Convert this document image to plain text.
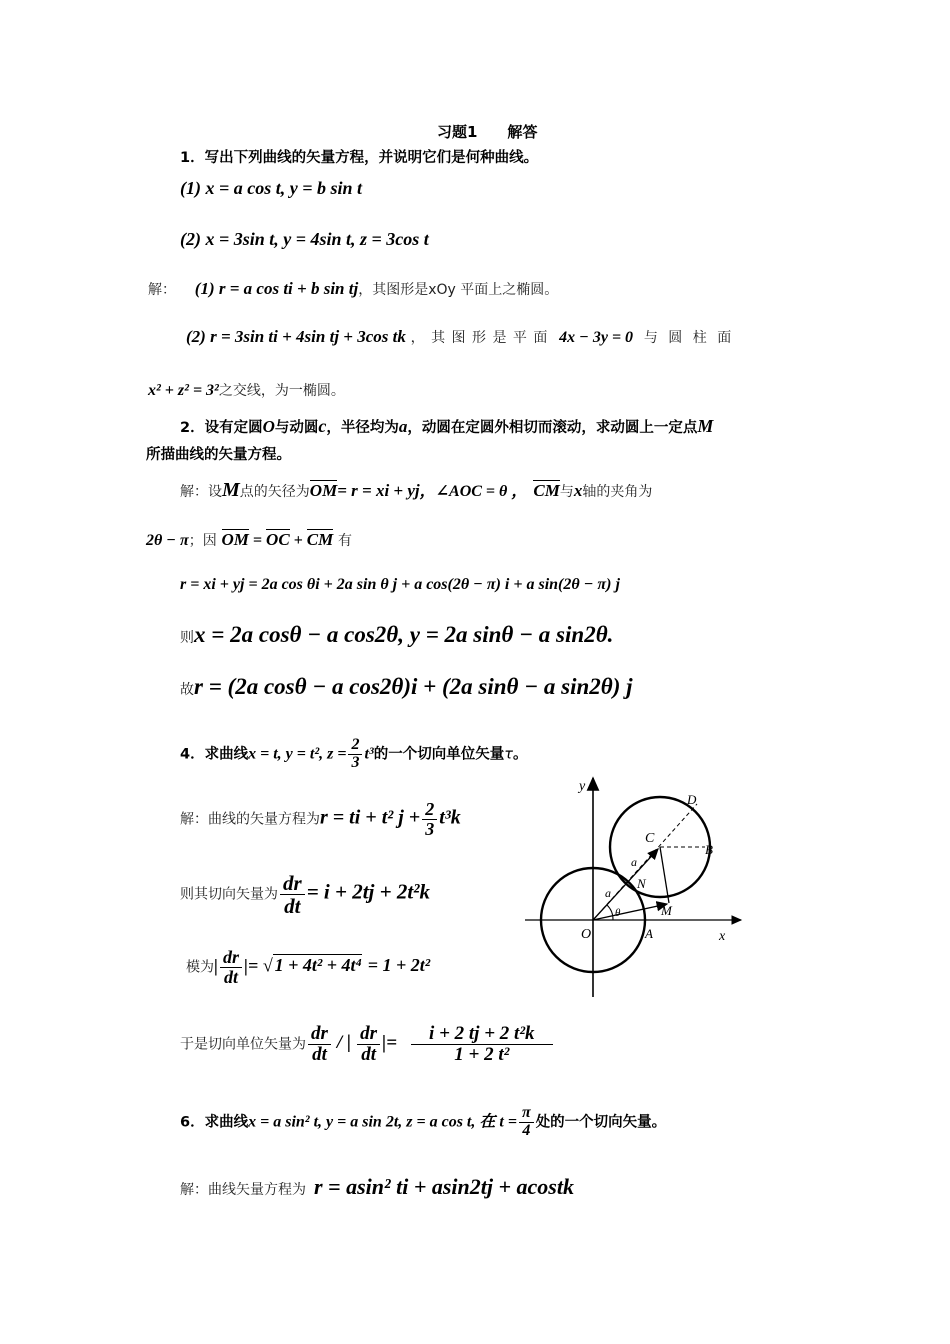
习题1　　解答
1．写出下列曲线的矢量方程，并说明它们是何种曲线。
(1) x = a cos t, y = b sin t
(2) x = 3sin t, y = 4sin t, z = 3cos t
解： (1) r = a cos ti + b sin tj，其图形是xOy 平面上之椭圆。
(2) r = 3sin ti + 4sin tj + 3cos tk ， 其 图 形 是 平 面 4x − 3y = 0 与 圆 柱 面
x² + z² = 3²之交线，为一椭圆。
2．设有定圆O与动圆c，半径均为a，动圆在定圆外相切而滚动，求动圆上一定点M
所描曲线的矢量方程。
解：设M点的矢径为OM= r = xi + yj，∠AOC = θ ， CM与x轴的夹角为
2θ − π；因 OM = OC + CM 有
r = xi + yj = 2a cos θi + 2a sin θ j + a cos(2θ − π) i + a sin(2θ − π) j
则x = 2a cosθ − a cos2θ, y = 2a sinθ − a sin2θ.
故r = (2a cosθ − a cos2θ)i + (2a sinθ − a sin2θ) j
4．求曲线x = t, y = t², $z = \frac{2}{3} t^3$的一个切向单位矢量τ。
解：曲线的矢量方程为r = ti + t² $j + \frac{2}{3} t^3k$
则其切向矢量为 $\frac{dr}{dt} = i + 2tj + 2t^2k$
模为| $\frac{dr}{dt}$ |= √ 1 + 4t² + 4t⁴ = 1 + 2t²
于是切向单位矢量为 $\frac{dr}{dt}$ / | $\frac{dr}{dt}$ |= $\frac{\text{i + 2 tj + 2 t²k}}{\text{1 + 2 t²}}$
6．求曲线x = a sin² t, y = a sin 2t, z = a cos t, 在 $t = \frac{\pi}{4}$ 处的一个切向矢量。
解：曲线矢量方程为 r = asin² ti + asin2tj + acostk
y
x
O	A
B
C
D
N
M
a
a
θ
